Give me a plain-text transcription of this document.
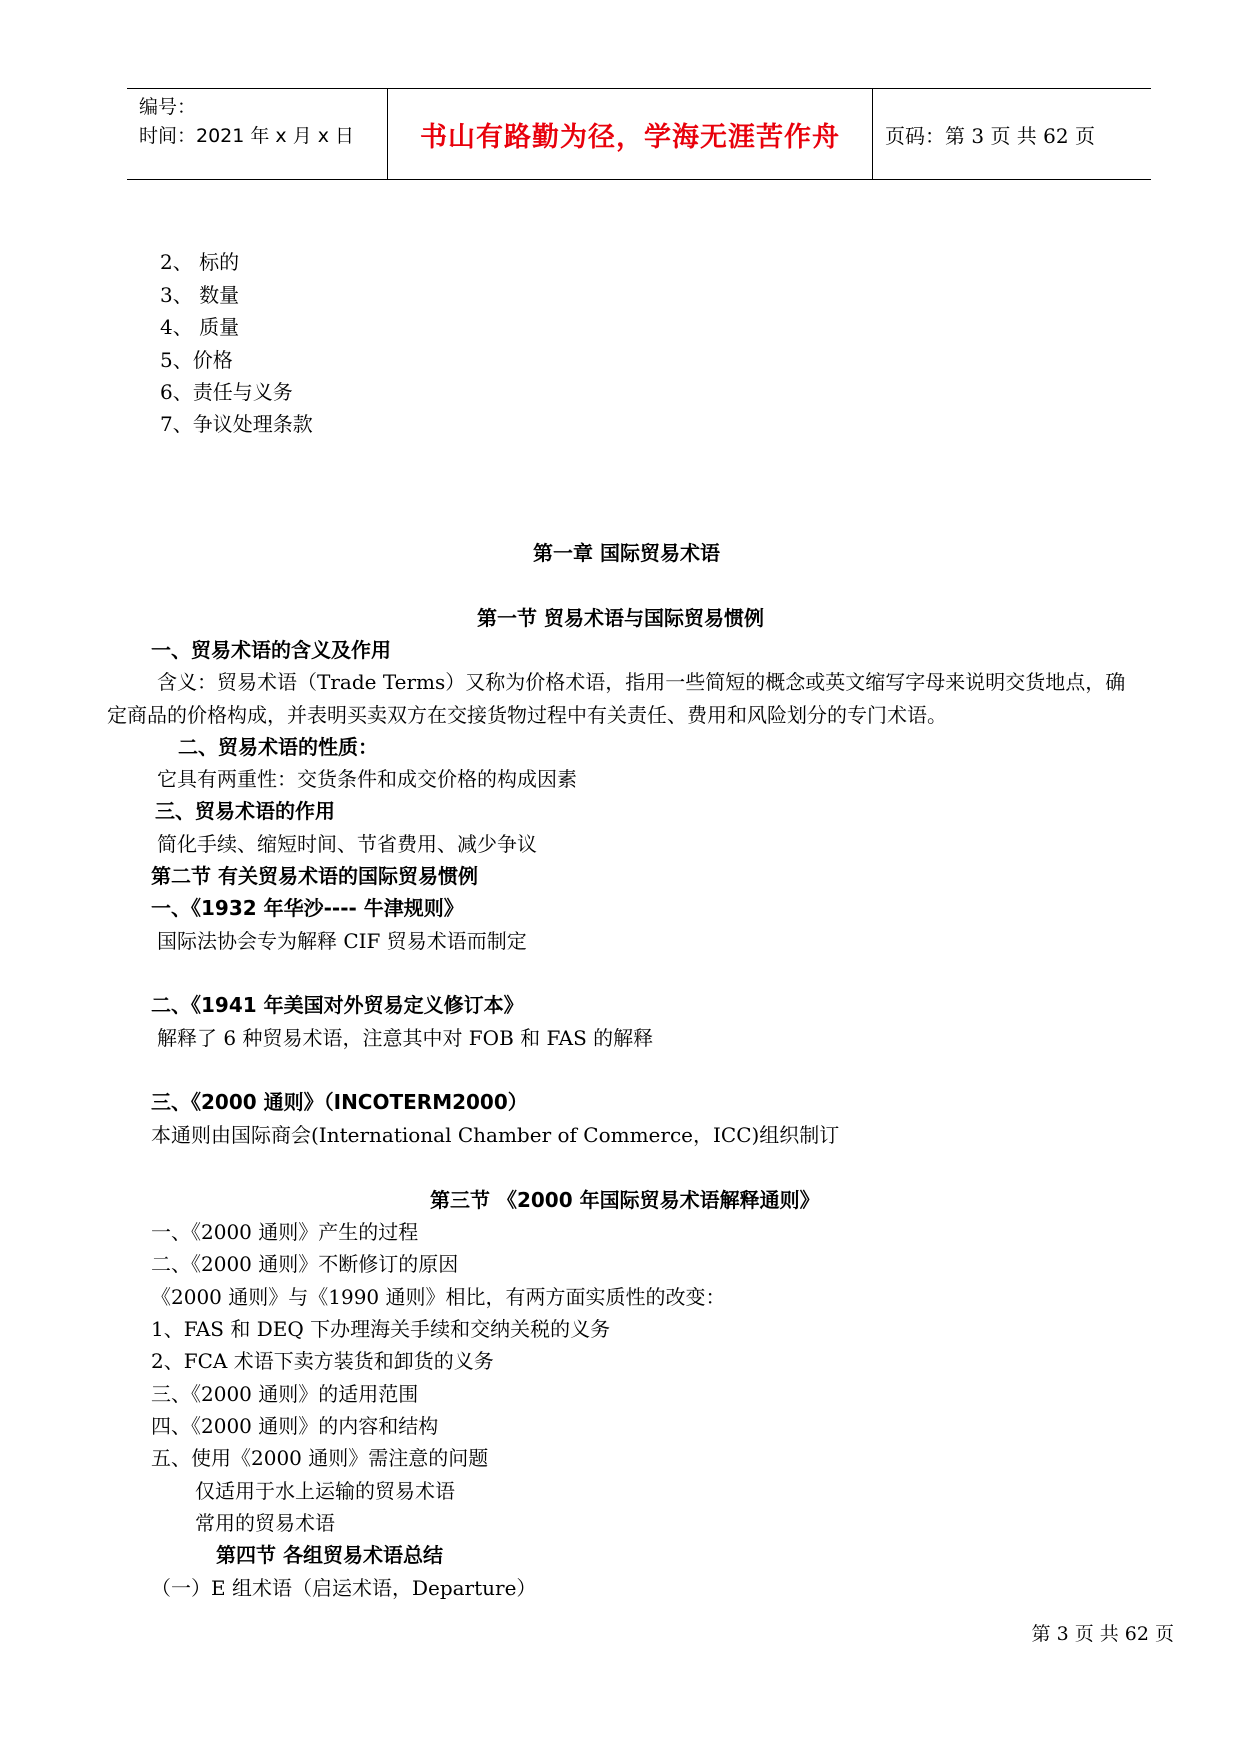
编号：
时间：2021 年 x 月 x 日	书山有路勤为径，学海无涯苦作舟	页码：第 3 页 共 62 页
2、 标的
3、 数量
4、 质量
5、价格
6、责任与义务
7、争议处理条款
第一章 国际贸易术语
第一节 贸易术语与国际贸易惯例
一、贸易术语的含义及作用
含义：贸易术语（Trade Terms）又称为价格术语，指用一些简短的概念或英文缩写字母来说明交货地点，确
定商品的价格构成，并表明买卖双方在交接货物过程中有关责任、费用和风险划分的专门术语。
二、贸易术语的性质：
它具有两重性：交货条件和成交价格的构成因素
三、贸易术语的作用
简化手续、缩短时间、节省费用、减少争议
第二节 有关贸易术语的国际贸易惯例
一、《1932 年华沙---- 牛津规则》
国际法协会专为解释 CIF 贸易术语而制定
二、《1941 年美国对外贸易定义修订本》
解释了 6 种贸易术语，注意其中对 FOB 和 FAS 的解释
三、《2000 通则》（INCOTERM2000）
本通则由国际商会(International Chamber of Commerce，ICC)组织制订
第三节 《2000 年国际贸易术语解释通则》
一、《2000 通则》产生的过程
二、《2000 通则》不断修订的原因
《2000 通则》与《1990 通则》相比，有两方面实质性的改变：
1、FAS 和 DEQ 下办理海关手续和交纳关税的义务
2、FCA 术语下卖方装货和卸货的义务
三、《2000 通则》的适用范围
四、《2000 通则》的内容和结构
五、使用《2000 通则》需注意的问题
仅适用于水上运输的贸易术语
常用的贸易术语
第四节 各组贸易术语总结
（一）E 组术语（启运术语，Departure）
第 3 页 共 62 页
